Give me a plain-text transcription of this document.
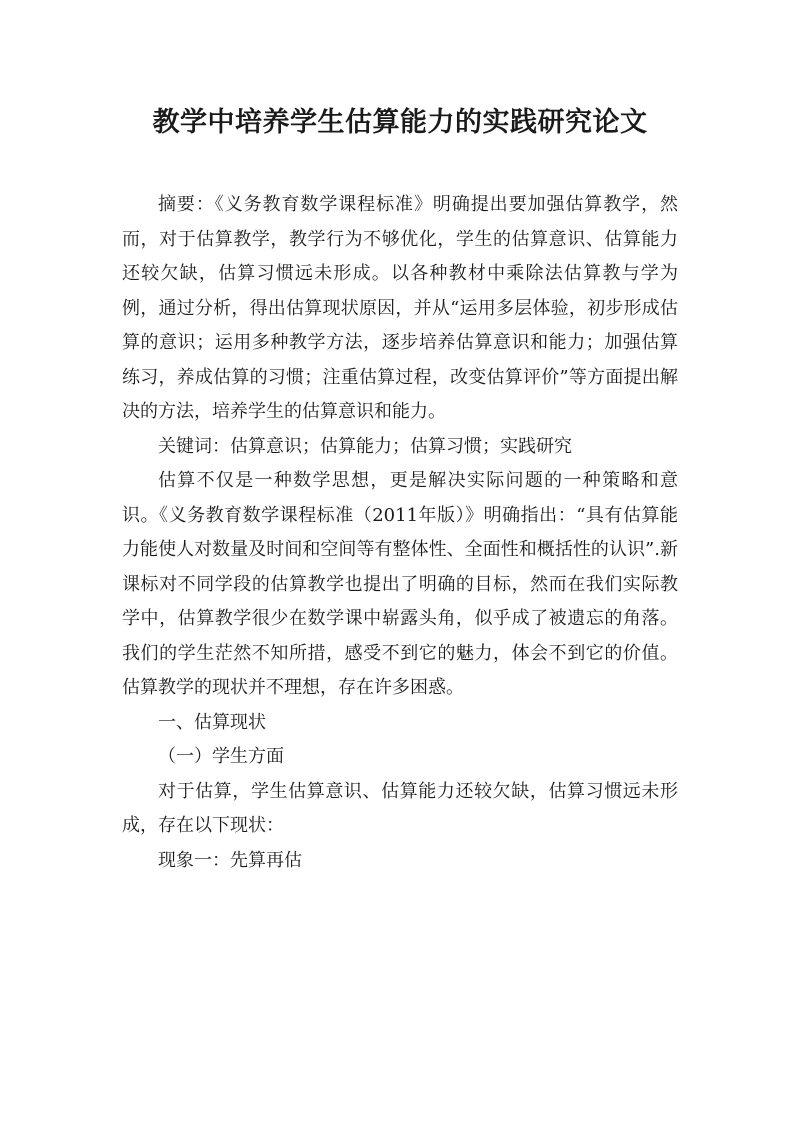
教学中培养学生估算能力的实践研究论文

摘要：《义务教育数学课程标准》明确提出要加强估算教学，然而，对于估算教学，教学行为不够优化，学生的估算意识、估算能力还较欠缺，估算习惯远未形成。以各种教材中乘除法估算教与学为例，通过分析，得出估算现状原因，并从“运用多层体验，初步形成估算的意识；运用多种教学方法，逐步培养估算意识和能力；加强估算练习，养成估算的习惯；注重估算过程，改变估算评价”等方面提出解决的方法，培养学生的估算意识和能力。

关键词：估算意识；估算能力；估算习惯；实践研究

估算不仅是一种数学思想，更是解决实际问题的一种策略和意识。《义务教育数学课程标准（2011年版）》明确指出：“具有估算能力能使人对数量及时间和空间等有整体性、全面性和概括性的认识”.新课标对不同学段的估算教学也提出了明确的目标，然而在我们实际教学中，估算教学很少在数学课中崭露头角，似乎成了被遗忘的角落。我们的学生茫然不知所措，感受不到它的魅力，体会不到它的价值。估算教学的现状并不理想，存在许多困惑。

一、估算现状

（一）学生方面

对于估算，学生估算意识、估算能力还较欠缺，估算习惯远未形成，存在以下现状：

现象一：先算再估
